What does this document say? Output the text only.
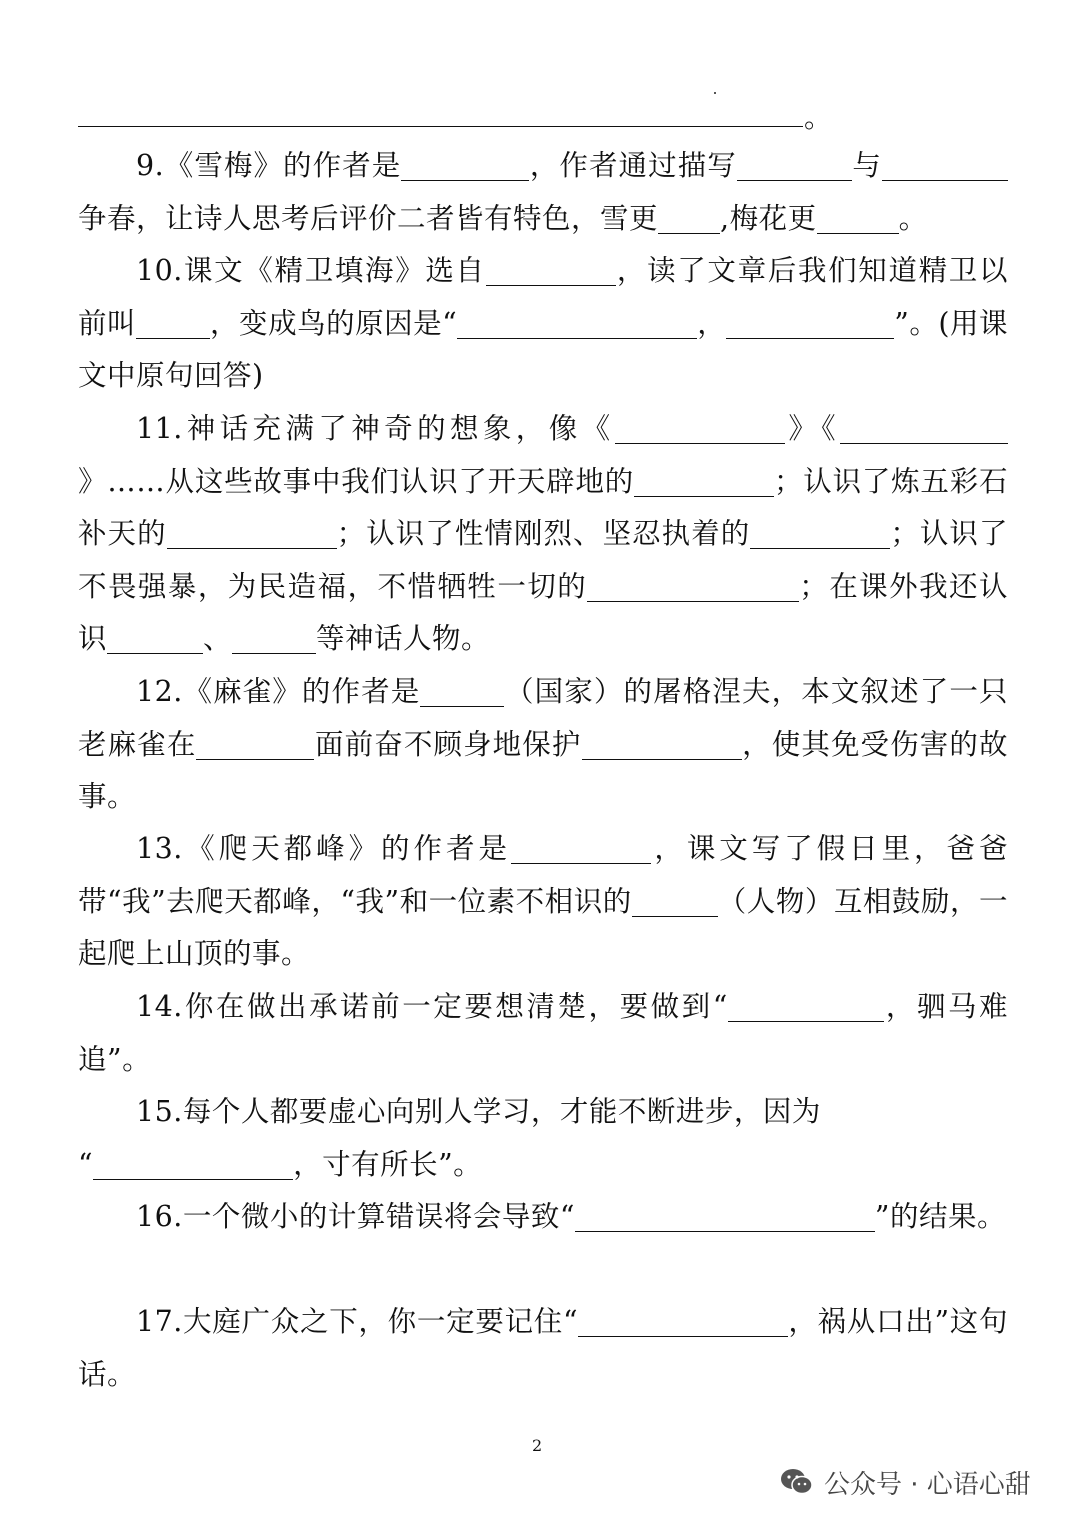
。
9.《雪梅》的作者是	，作者通过描写	与争春，让诗人思考后评价二者皆有特色，雪更 ,梅花更	。
10.课文《精卫填海》选自	，读了文章后我们知道精卫以前叫	，变成鸟的原因是“	，	”。(用课文中原句回答)
11.神话充满了神奇的想象，像《	》《》……从这些故事中我们认识了开天辟地的	；认识了炼五彩石补天的	；认识了性情刚烈、坚忍执着的	；认识了不畏强暴，为民造福，不惜牺牲一切的	；在课外我还认识	、	等神话人物。
12.《麻雀》的作者是	（国家）的屠格涅夫，本文叙述了一只老麻雀在	面前奋不顾身地保护	，使其免受伤害的故事。
13.《爬天都峰》的作者是	，课文写了假日里，爸爸带“我”去爬天都峰，“我”和一位素不相识的	（人物）互相鼓励，一起爬上山顶的事。
14.你在做出承诺前一定要想清楚，要做到“	，驷马难追”。
15.每个人都要虚心向别人学习，才能不断进步，因为
“	，寸有所长”。
16.一个微小的计算错误将会导致“	”的结果。
17.大庭广众之下，你一定要记住“	，祸从口出”这句话。
2
公众号 · 心语心甜
